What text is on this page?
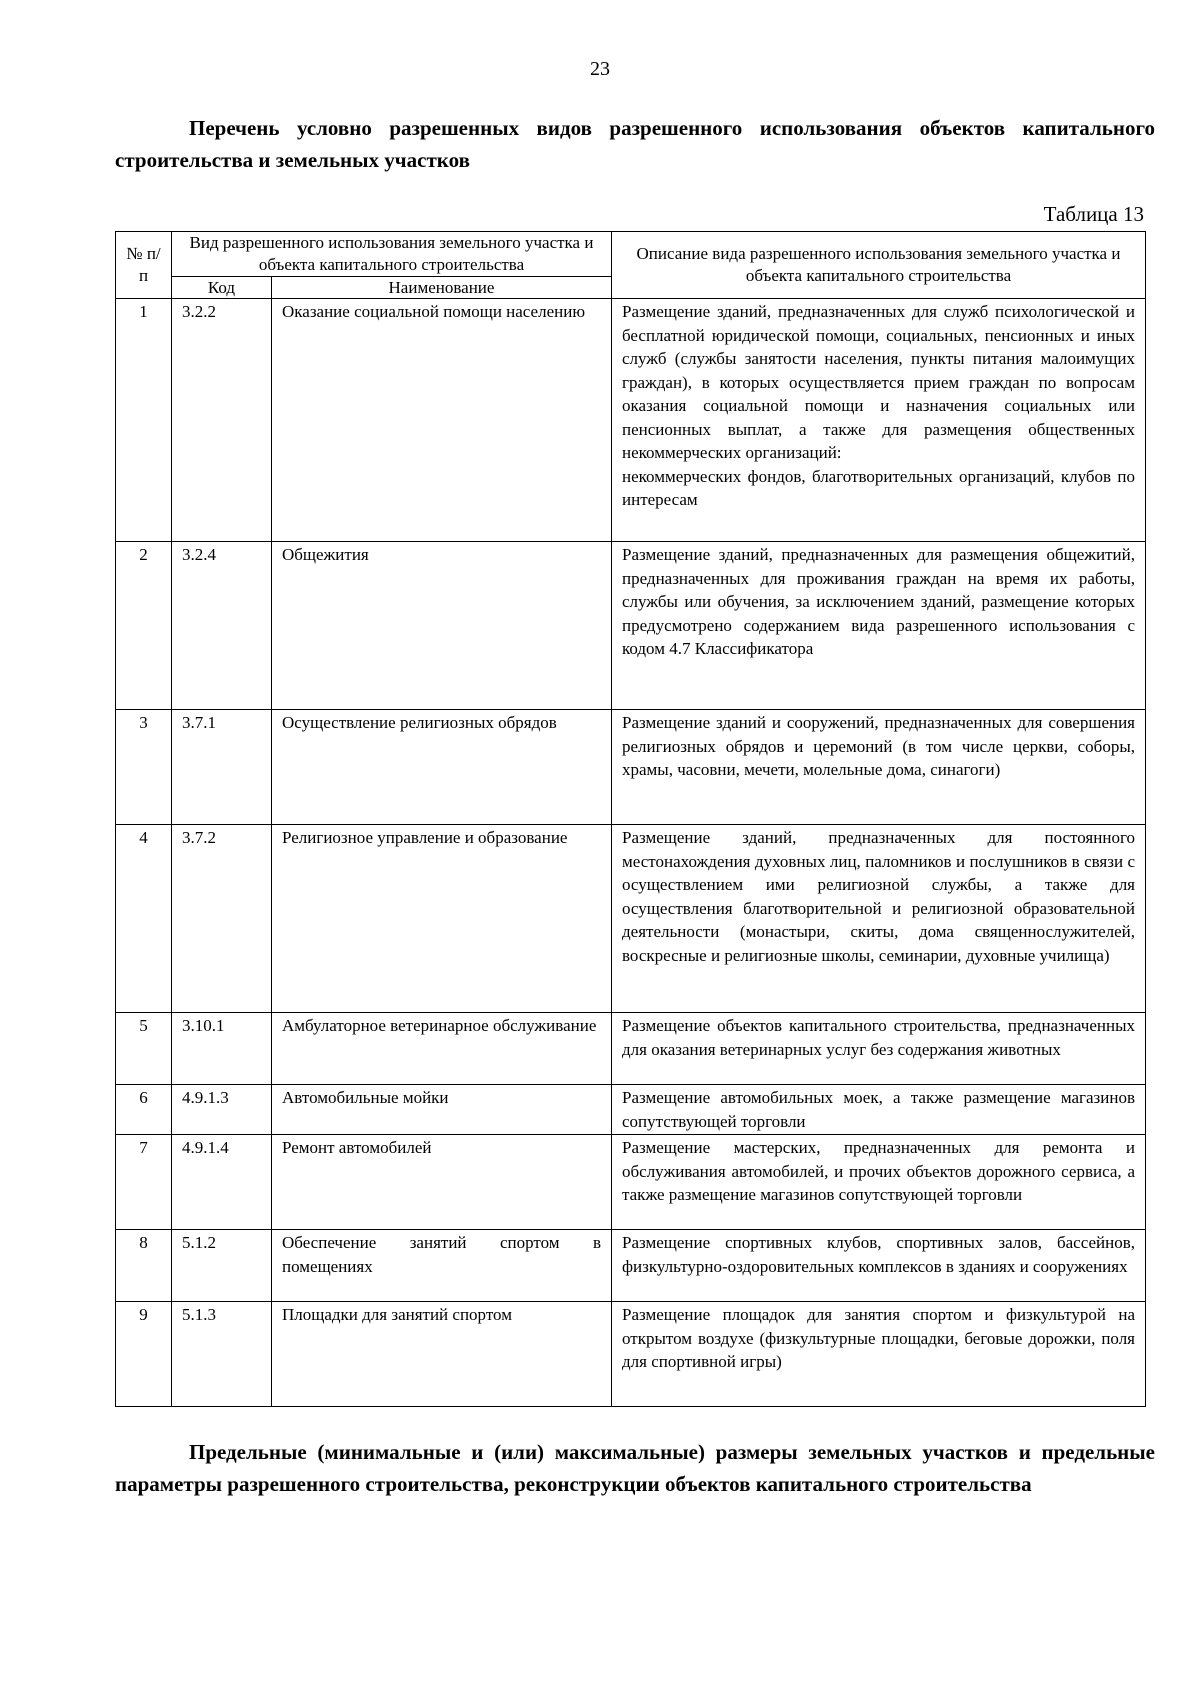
23
Перечень условно разрешенных видов разрешенного использования объектов капитального строительства и земельных участков
Таблица 13
№ п/п	Вид разрешенного использования земельного участка и объекта капитального строительства		Описание вида разрешенного использования земельного участка и объекта капитального строительства
	Код	Наименование	
1	3.2.2	Оказание социальной помощи населению	Размещение зданий, предназначенных для служб психологической и бесплатной юридической помощи, социальных, пенсионных и иных служб (службы занятости населения, пункты питания малоимущих граждан), в которых осуществляется прием граждан по вопросам оказания социальной помощи и назначения социальных или пенсионных выплат, а также для размещения общественных некоммерческих организаций:
некоммерческих фондов, благотворительных организаций, клубов по интересам

2	3.2.4	Общежития	Размещение зданий, предназначенных для размещения общежитий, предназначенных для проживания граждан на время их работы, службы или обучения, за исключением зданий, размещение которых предусмотрено содержанием вида разрешенного использования с кодом 4.7 Классификатора
3	3.7.1	Осуществление религиозных обрядов	Размещение зданий и сооружений, предназначенных для совершения религиозных обрядов и церемоний (в том числе церкви, соборы, храмы, часовни, мечети, молельные дома, синагоги)
4	3.7.2	Религиозное управление и образование	Размещение зданий, предназначенных для постоянного местонахождения духовных лиц, паломников и послушников в связи с осуществлением ими религиозной службы, а также для осуществления благотворительной и религиозной образовательной деятельности (монастыри, скиты, дома священнослужителей, воскресные и религиозные школы, семинарии, духовные училища)
5	3.10.1	Амбулаторное ветеринарное обслуживание	Размещение объектов капитального строительства, предназначенных для оказания ветеринарных услуг без содержания животных
6	4.9.1.3	Автомобильные мойки	Размещение автомобильных моек, а также размещение магазинов сопутствующей торговли
7	4.9.1.4	Ремонт автомобилей	Размещение мастерских, предназначенных для ремонта и обслуживания автомобилей, и прочих объектов дорожного сервиса, а также размещение магазинов сопутствующей торговли
8	5.1.2	Обеспечение занятий спортом в помещениях	Размещение спортивных клубов, спортивных залов, бассейнов, физкультурно-оздоровительных комплексов в зданиях и сооружениях
9	5.1.3	Площадки для занятий спортом	Размещение площадок для занятия спортом и физкультурой на открытом воздухе (физкультурные площадки, беговые дорожки, поля для спортивной игры)
Предельные (минимальные и (или) максимальные) размеры земельных участков и предельные параметры разрешенного строительства, реконструкции объектов капитального строительства
